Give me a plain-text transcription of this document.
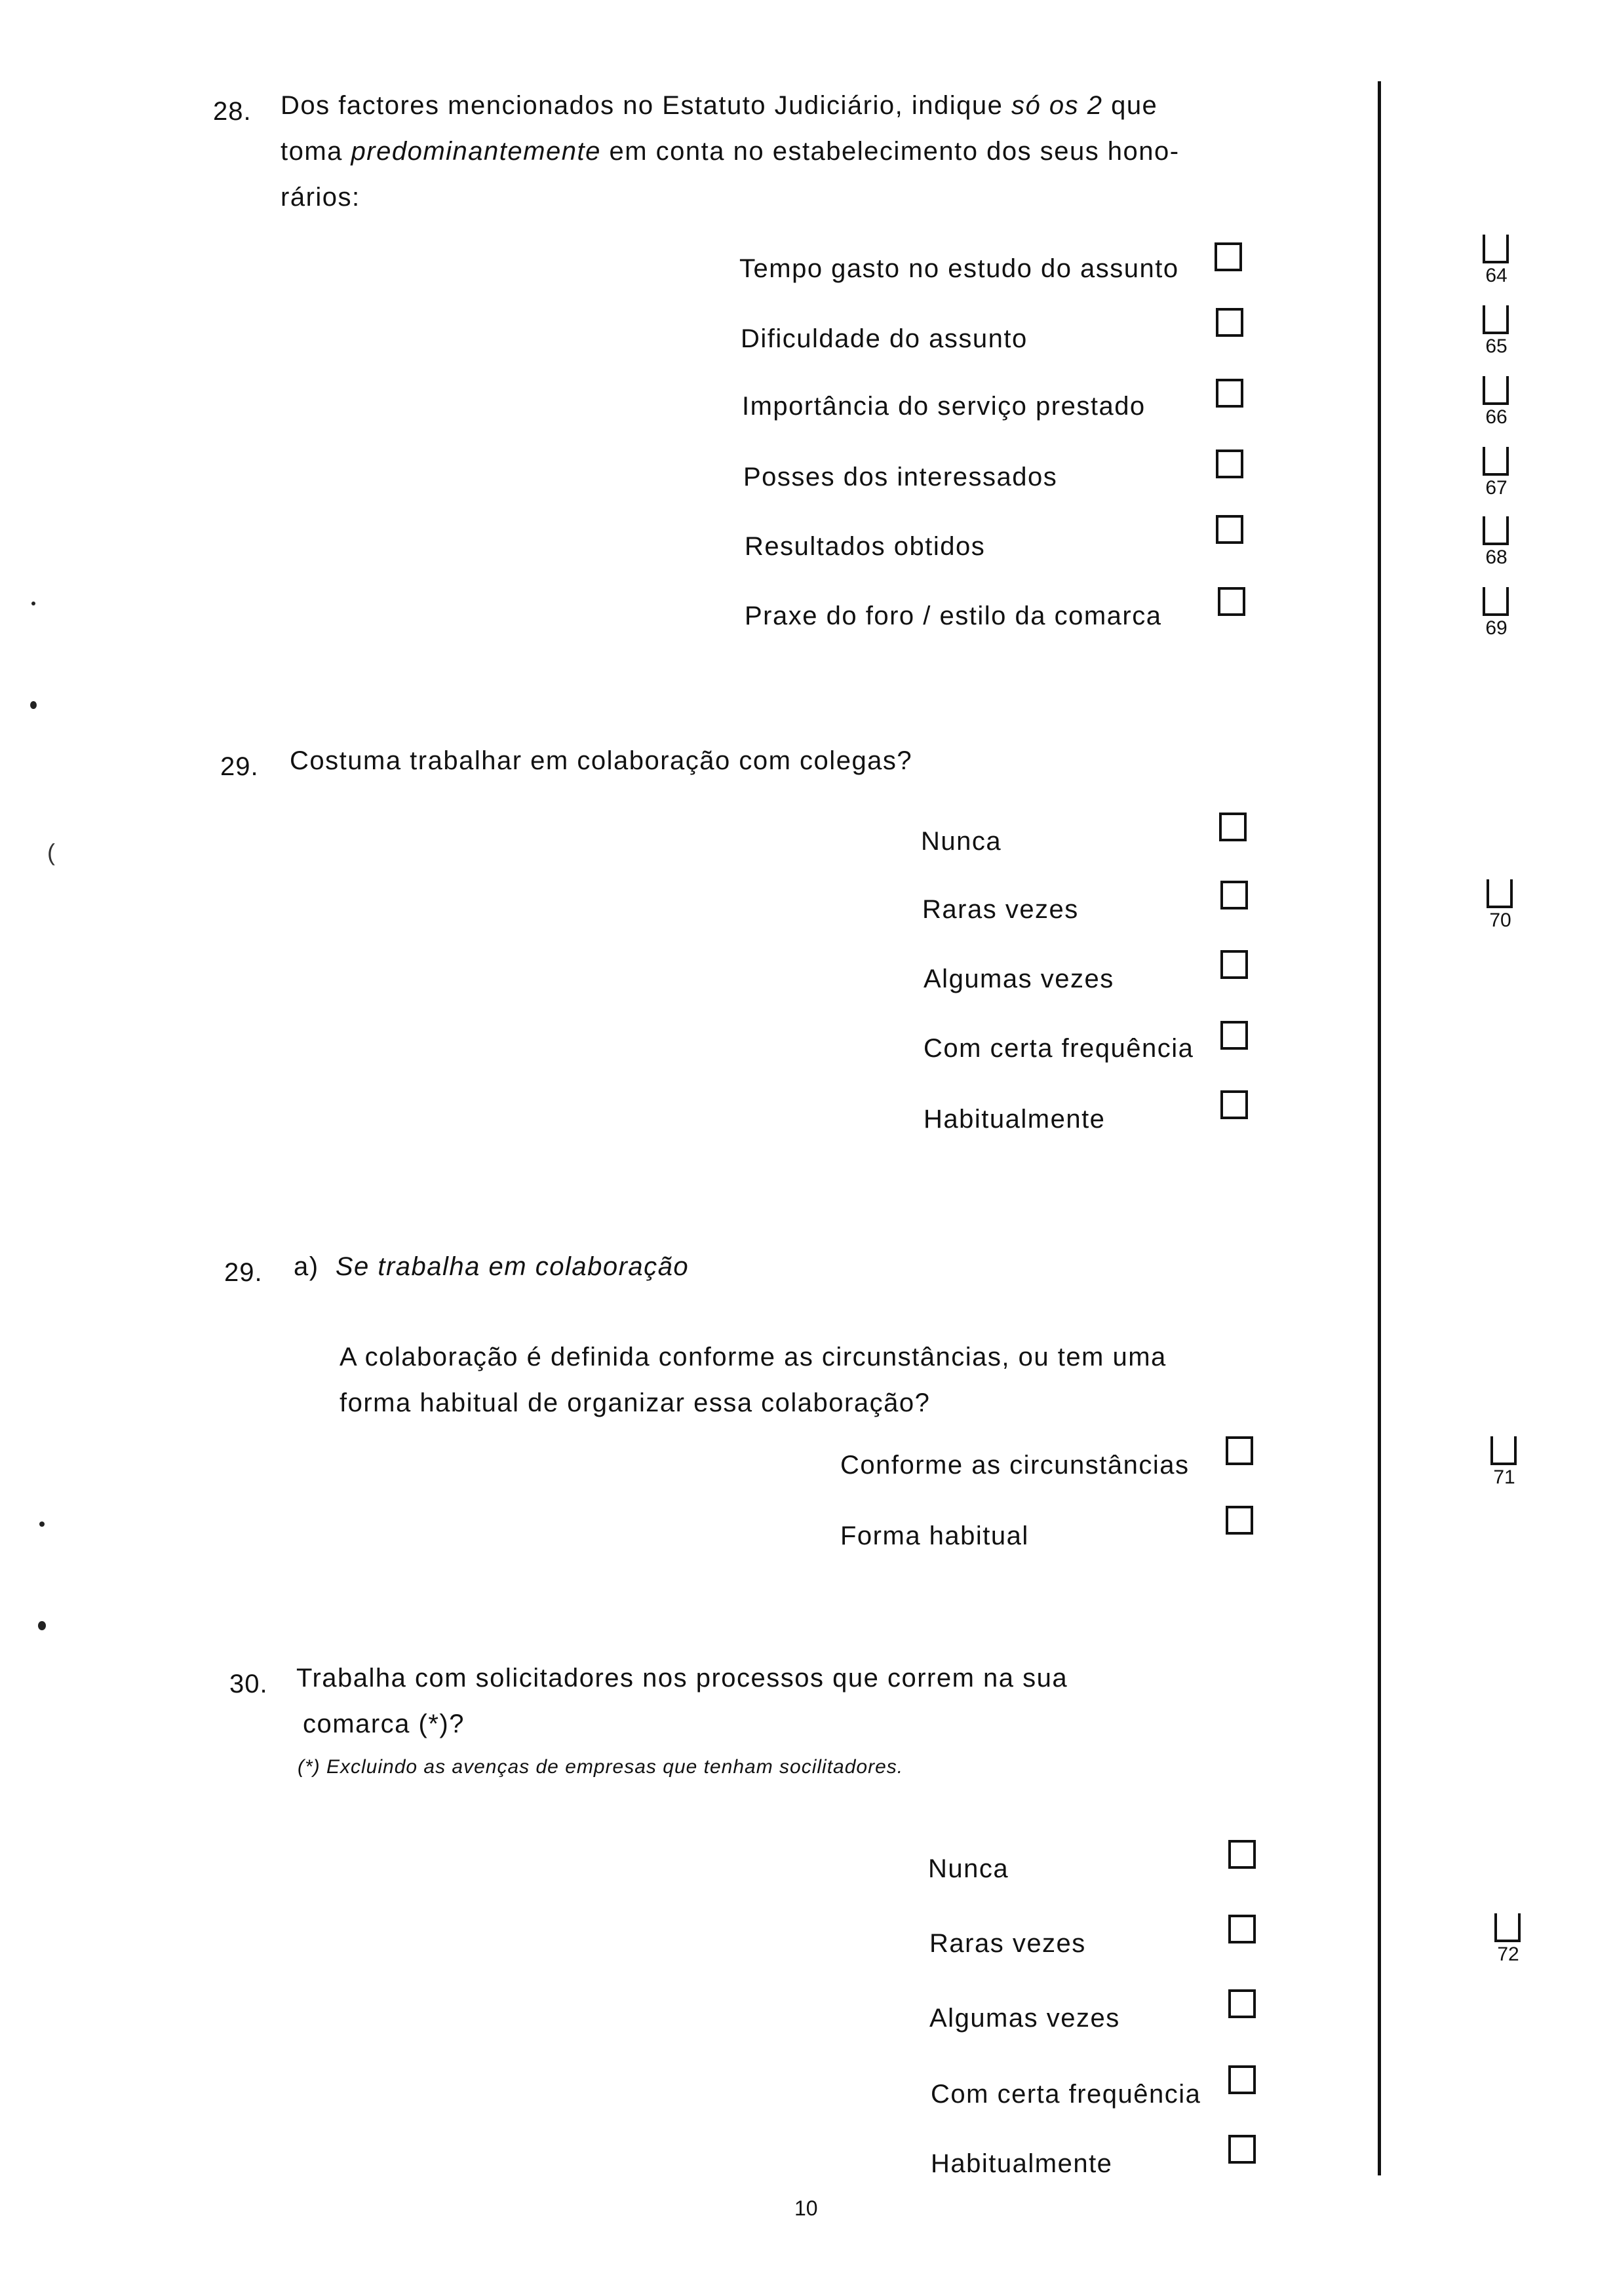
28. Dos factores mencionados no Estatuto Judiciário, indique só os 2 que
toma predominantemente em conta no estabelecimento dos seus hono-
rários:
Tempo gasto no estudo do assunto
Dificuldade do assunto
Importância do serviço prestado
Posses dos interessados
Resultados obtidos
Praxe do foro / estilo da comarca
64
65
66
67
68
69
29. Costuma trabalhar em colaboração com colegas?
Nunca
Raras vezes
Algumas vezes
Com certa frequência
Habitualmente
70
29. a) Se trabalha em colaboração
A colaboração é definida conforme as circunstâncias, ou tem uma
forma habitual de organizar essa colaboração?
Conforme as circunstâncias
Forma habitual
71
30. Trabalha com solicitadores nos processos que correm na sua
comarca (*)?
(*) Excluindo as avenças de empresas que tenham socilitadores.
Nunca
Raras vezes
Algumas vezes
Com certa frequência
Habitualmente
72
10
(
